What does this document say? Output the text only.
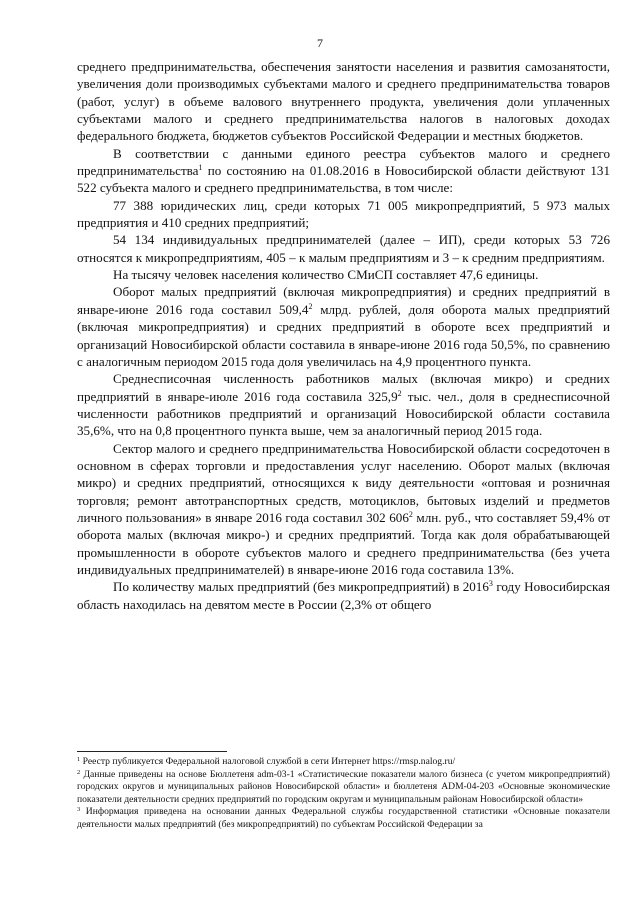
7

среднего предпринимательства, обеспечения занятости населения и развития самозанятости, увеличения доли производимых субъектами малого и среднего предпринимательства товаров (работ, услуг) в объеме валового внутреннего продукта, увеличения доли уплаченных субъектами малого и среднего предпринимательства налогов в налоговых доходах федерального бюджета, бюджетов субъектов Российской Федерации и местных бюджетов.

В соответствии с данными единого реестра субъектов малого и среднего предпринимательства$^1$ по состоянию на 01.08.2016 в Новосибирской области действуют 131 522 субъекта малого и среднего предпринимательства, в том числе:

77 388 юридических лиц, среди которых 71 005 микропредприятий, 5 973 малых предприятия и 410 средних предприятий;

54 134 индивидуальных предпринимателей (далее – ИП), среди которых 53 726 относятся к микропредприятиям, 405 – к малым предприятиям и 3 – к средним предприятиям.

На тысячу человек населения количество СМиСП составляет 47,6 единицы.

Оборот малых предприятий (включая микропредприятия) и средних предприятий в январе-июне 2016 года составил 509,4$^2$ млрд. рублей, доля оборота малых предприятий (включая микропредприятия) и средних предприятий в обороте всех предприятий и организаций Новосибирской области составила в январе-июне 2016 года 50,5%, по сравнению с аналогичным периодом 2015 года доля увеличилась на 4,9 процентного пункта.

Среднесписочная численность работников малых (включая микро) и средних предприятий в январе-июле 2016 года составила 325,9$^2$ тыс. чел., доля в среднесписочной численности работников предприятий и организаций Новосибирской области составила 35,6%, что на 0,8 процентного пункта выше, чем за аналогичный период 2015 года.

Сектор малого и среднего предпринимательства Новосибирской области сосредоточен в основном в сферах торговли и предоставления услуг населению. Оборот малых (включая микро) и средних предприятий, относящихся к виду деятельности «оптовая и розничная торговля; ремонт автотранспортных средств, мотоциклов, бытовых изделий и предметов личного пользования» в январе 2016 года составил 302 $606^2$ млн. руб., что составляет 59,4% от оборота малых (включая микро-) и средних предприятий. Тогда как доля обрабатывающей промышленности в обороте субъектов малого и среднего предпринимательства (без учета индивидуальных предпринимателей) в январе-июне 2016 года составила 13%.

По количеству малых предприятий (без микропредприятий) в 2016$^3$ году Новосибирская область находилась на девятом месте в России (2,3% от общего

$^1$ Реестр публикуется Федеральной налоговой службой в сети Интернет https://rmsp.nalog.ru/

$^2$ Данные приведены на основе Бюллетеня adm-03-1 «Статистические показатели малого бизнеса (с учетом микропредприятий) городских округов и муниципальных районов Новосибирской области» и бюллетеня ADM-04-203 «Основные экономические показатели деятельности средних предприятий по городским округам и муниципальным районам Новосибирской области»

$^3$ Информация приведена на основании данных Федеральной службы государственной статистики «Основные показатели деятельности малых предприятий (без микропредприятий) по субъектам Российской Федерации за
